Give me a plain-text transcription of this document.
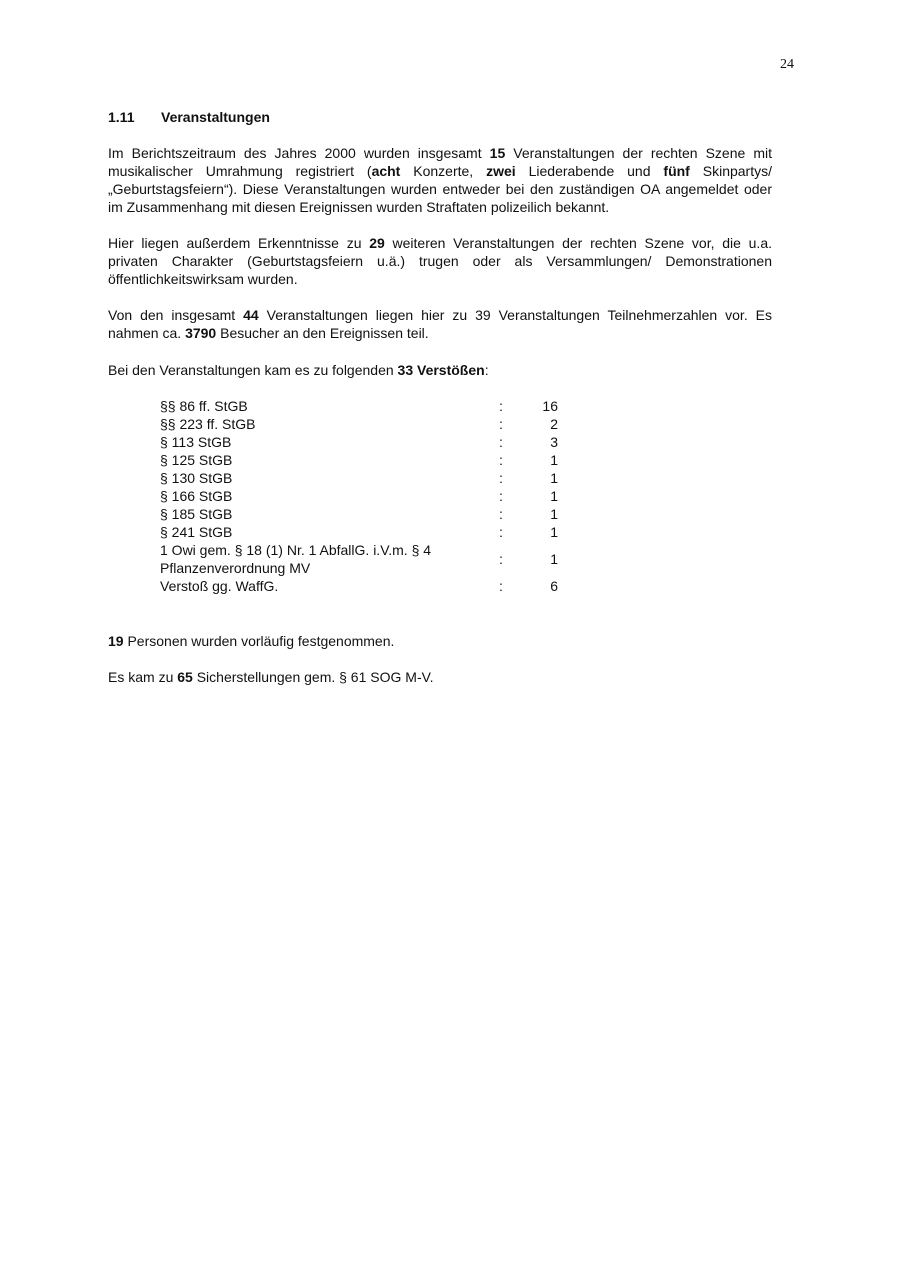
24
1.11 Veranstaltungen
Im Berichtszeitraum des Jahres 2000 wurden insgesamt 15 Veranstaltungen der rechten Szene mit musikalischer Umrahmung registriert (acht Konzerte, zwei Liederabende und fünf Skinpartys/„Geburtstagsfeiern“). Diese Veranstaltungen wurden entweder bei den zuständigen OA angemeldet oder im Zusammenhang mit diesen Ereignissen wurden Straftaten polizeilich bekannt.
Hier liegen außerdem Erkenntnisse zu 29 weiteren Veranstaltungen der rechten Szene vor, die u.a. privaten Charakter (Geburtstagsfeiern u.ä.) trugen oder als Versammlungen/ Demonstrationen öffentlichkeitswirksam wurden.
Von den insgesamt 44 Veranstaltungen liegen hier zu 39 Veranstaltungen Teilnehmerzahlen vor. Es nahmen ca. 3790 Besucher an den Ereignissen teil.
Bei den Veranstaltungen kam es zu folgenden 33 Verstößen:
§§ 86 ff. StGB	:	16
§§ 223 ff. StGB	:	2
§ 113 StGB	:	3
§ 125 StGB	:	1
§ 130 StGB	:	1
§ 166 StGB	:	1
§ 185 StGB	:	1
§ 241 StGB	:	1
1 Owi gem. § 18 (1) Nr. 1 AbfallG. i.V.m. § 4 Pflanzenverordnung MV	:	1
Verstoß gg. WaffG.	:	6
19 Personen wurden vorläufig festgenommen.
Es kam zu 65 Sicherstellungen gem. § 61 SOG M-V.
